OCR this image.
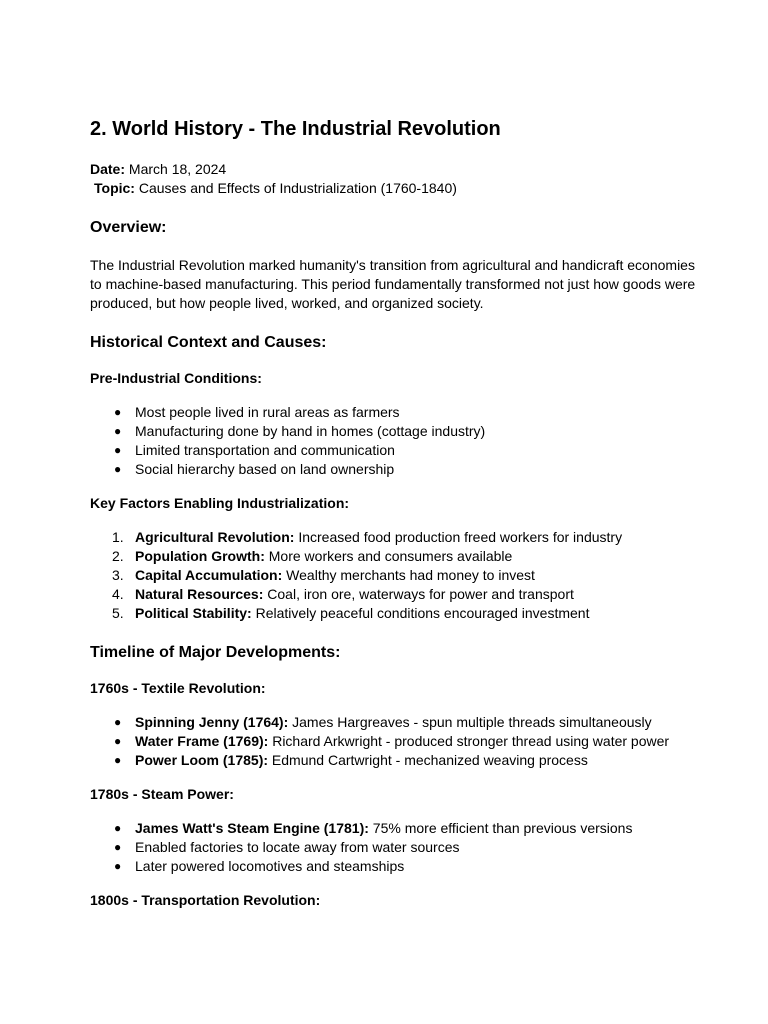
2. World History - The Industrial Revolution

Date: March 18, 2024

Topic: Causes and Effects of Industrialization (1760-1840)

Overview:

The Industrial Revolution marked humanity's transition from agricultural and handicraft economies to machine-based manufacturing. This period fundamentally transformed not just how goods were produced, but how people lived, worked, and organized society.

Historical Context and Causes:
Pre-Industrial Conditions:
● Most people lived in rural areas as farmers
● Manufacturing done by hand in homes (cottage industry)
● Limited transportation and communication
● Social hierarchy based on land ownership
Key Factors Enabling Industrialization:
1. Agricultural Revolution: Increased food production freed workers for industry
2. Population Growth: More workers and consumers available
3. Capital Accumulation: Wealthy merchants had money to invest
4. Natural Resources: Coal, iron ore, waterways for power and transport
5. Political Stability: Relatively peaceful conditions encouraged investment
Timeline of Major Developments:
1760s - Textile Revolution:
● Spinning Jenny (1764): James Hargreaves - spun multiple threads simultaneously
● Water Frame (1769): Richard Arkwright - produced stronger thread using water power
● Power Loom (1785): Edmund Cartwright - mechanized weaving process
1780s - Steam Power:
● James Watt's Steam Engine (1781): 75% more efficient than previous versions
● Enabled factories to locate away from water sources
● Later powered locomotives and steamships
1800s - Transportation Revolution:
